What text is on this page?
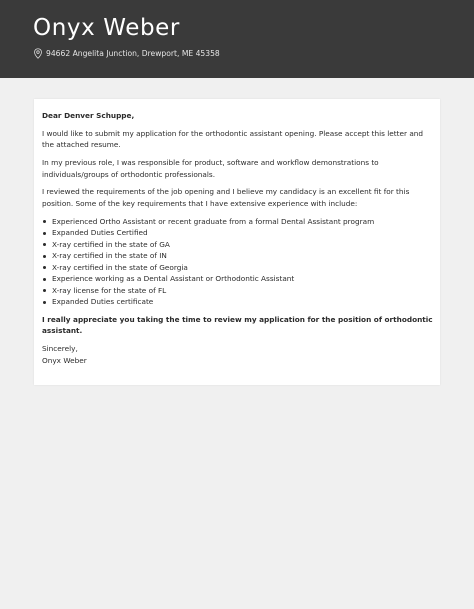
Onyx Weber
94662 Angelita Junction, Drewport, ME 45358

Dear Denver Schuppe,

I would like to submit my application for the orthodontic assistant opening. Please accept this letter and the attached resume.

In my previous role, I was responsible for product, software and workflow demonstrations to individuals/groups of orthodontic professionals.

I reviewed the requirements of the job opening and I believe my candidacy is an excellent fit for this position. Some of the key requirements that I have extensive experience with include:

Experienced Ortho Assistant or recent graduate from a formal Dental Assistant program
Expanded Duties Certified
X-ray certified in the state of GA
X-ray certified in the state of IN
X-ray certified in the state of Georgia
Experience working as a Dental Assistant or Orthodontic Assistant
X-ray license for the state of FL
Expanded Duties certificate

I really appreciate you taking the time to review my application for the position of orthodontic assistant.

Sincerely,

Onyx Weber
